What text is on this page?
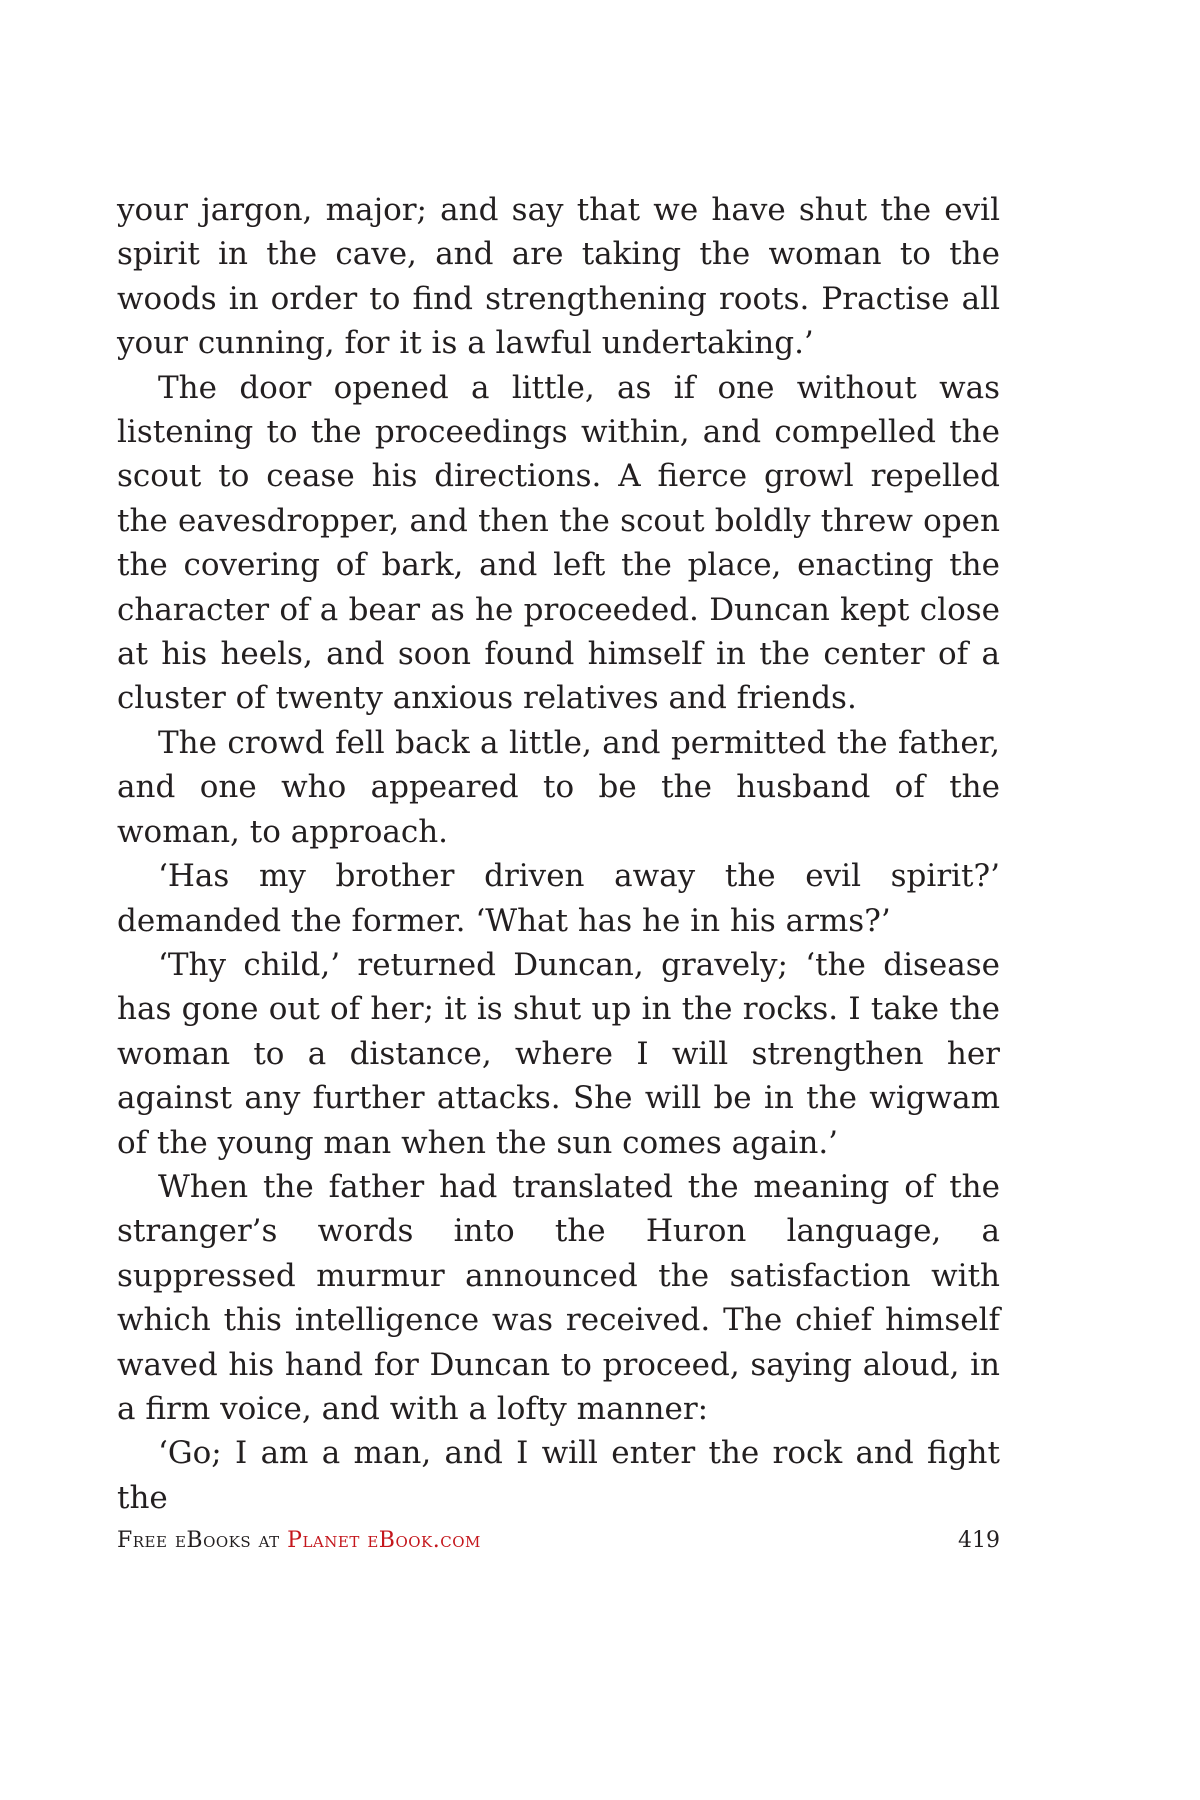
your jargon, major; and say that we have shut the evil spirit in the cave, and are taking the woman to the woods in order to find strengthening roots. Practise all your cunning, for it is a lawful undertaking.’

The door opened a little, as if one without was listening to the proceedings within, and compelled the scout to cease his directions. A fierce growl repelled the eavesdropper, and then the scout boldly threw open the covering of bark, and left the place, enacting the character of a bear as he proceeded. Duncan kept close at his heels, and soon found himself in the center of a cluster of twenty anxious relatives and friends.

The crowd fell back a little, and permitted the father, and one who appeared to be the husband of the woman, to approach.

‘Has my brother driven away the evil spirit?’ demanded the former. ‘What has he in his arms?’

‘Thy child,’ returned Duncan, gravely; ‘the disease has gone out of her; it is shut up in the rocks. I take the woman to a distance, where I will strengthen her against any further attacks. She will be in the wigwam of the young man when the sun comes again.’

When the father had translated the meaning of the stranger’s words into the Huron language, a suppressed murmur announced the satisfaction with which this intelligence was received. The chief himself waved his hand for Duncan to proceed, saying aloud, in a firm voice, and with a lofty manner:

‘Go; I am a man, and I will enter the rock and fight the

Free eBooks at Planet eBook.com	419
